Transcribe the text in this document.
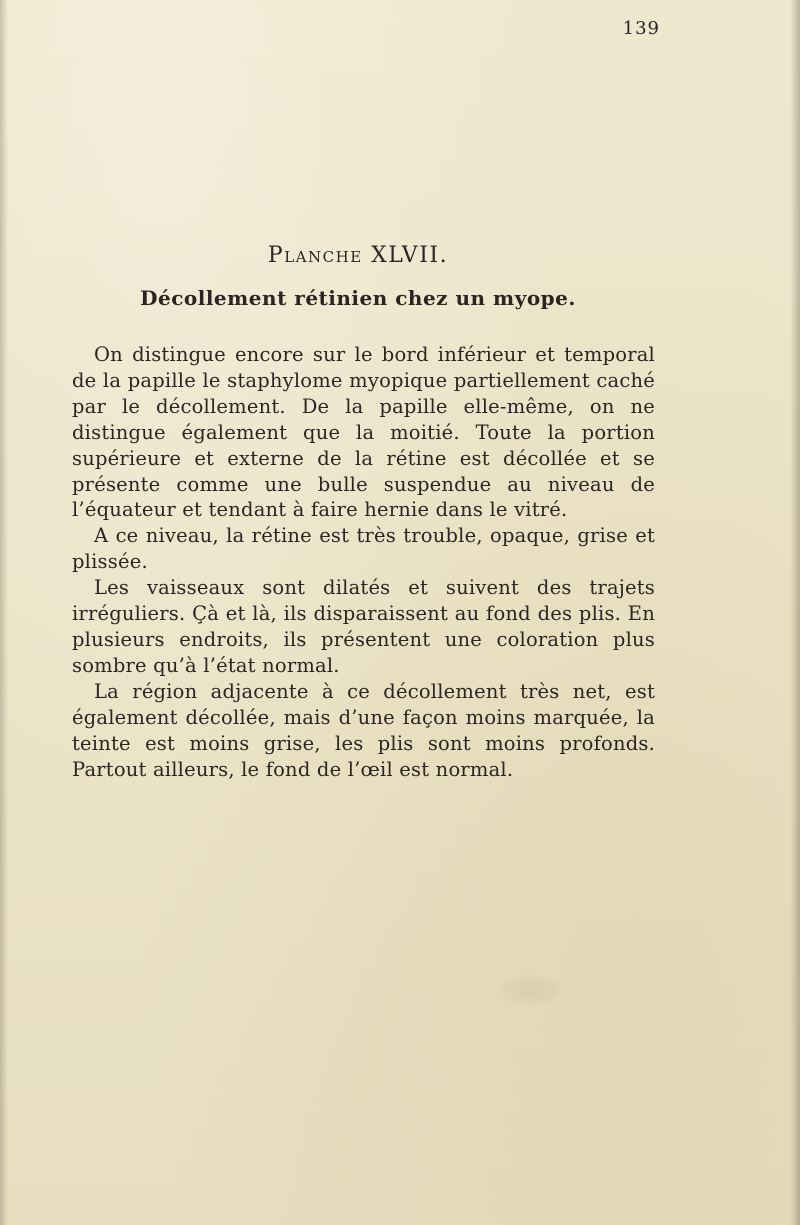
139
Planche XLVII.
Décollement rétinien chez un myope.

On distingue encore sur le bord inférieur et temporal de la papille le staphylome myopique partiellement caché par le décollement. De la papille elle-même, on ne distingue également que la moitié. Toute la portion supérieure et externe de la rétine est décollée et se présente comme une bulle suspendue au niveau de l’équateur et tendant à faire hernie dans le vitré.

A ce niveau, la rétine est très trouble, opaque, grise et plissée.

Les vaisseaux sont dilatés et suivent des trajets irréguliers. Çà et là, ils disparaissent au fond des plis. En plusieurs endroits, ils présentent une coloration plus sombre qu’à l’état normal.

La région adjacente à ce décollement très net, est également décollée, mais d’une façon moins marquée, la teinte est moins grise, les plis sont moins profonds. Partout ailleurs, le fond de l’œil est normal.
